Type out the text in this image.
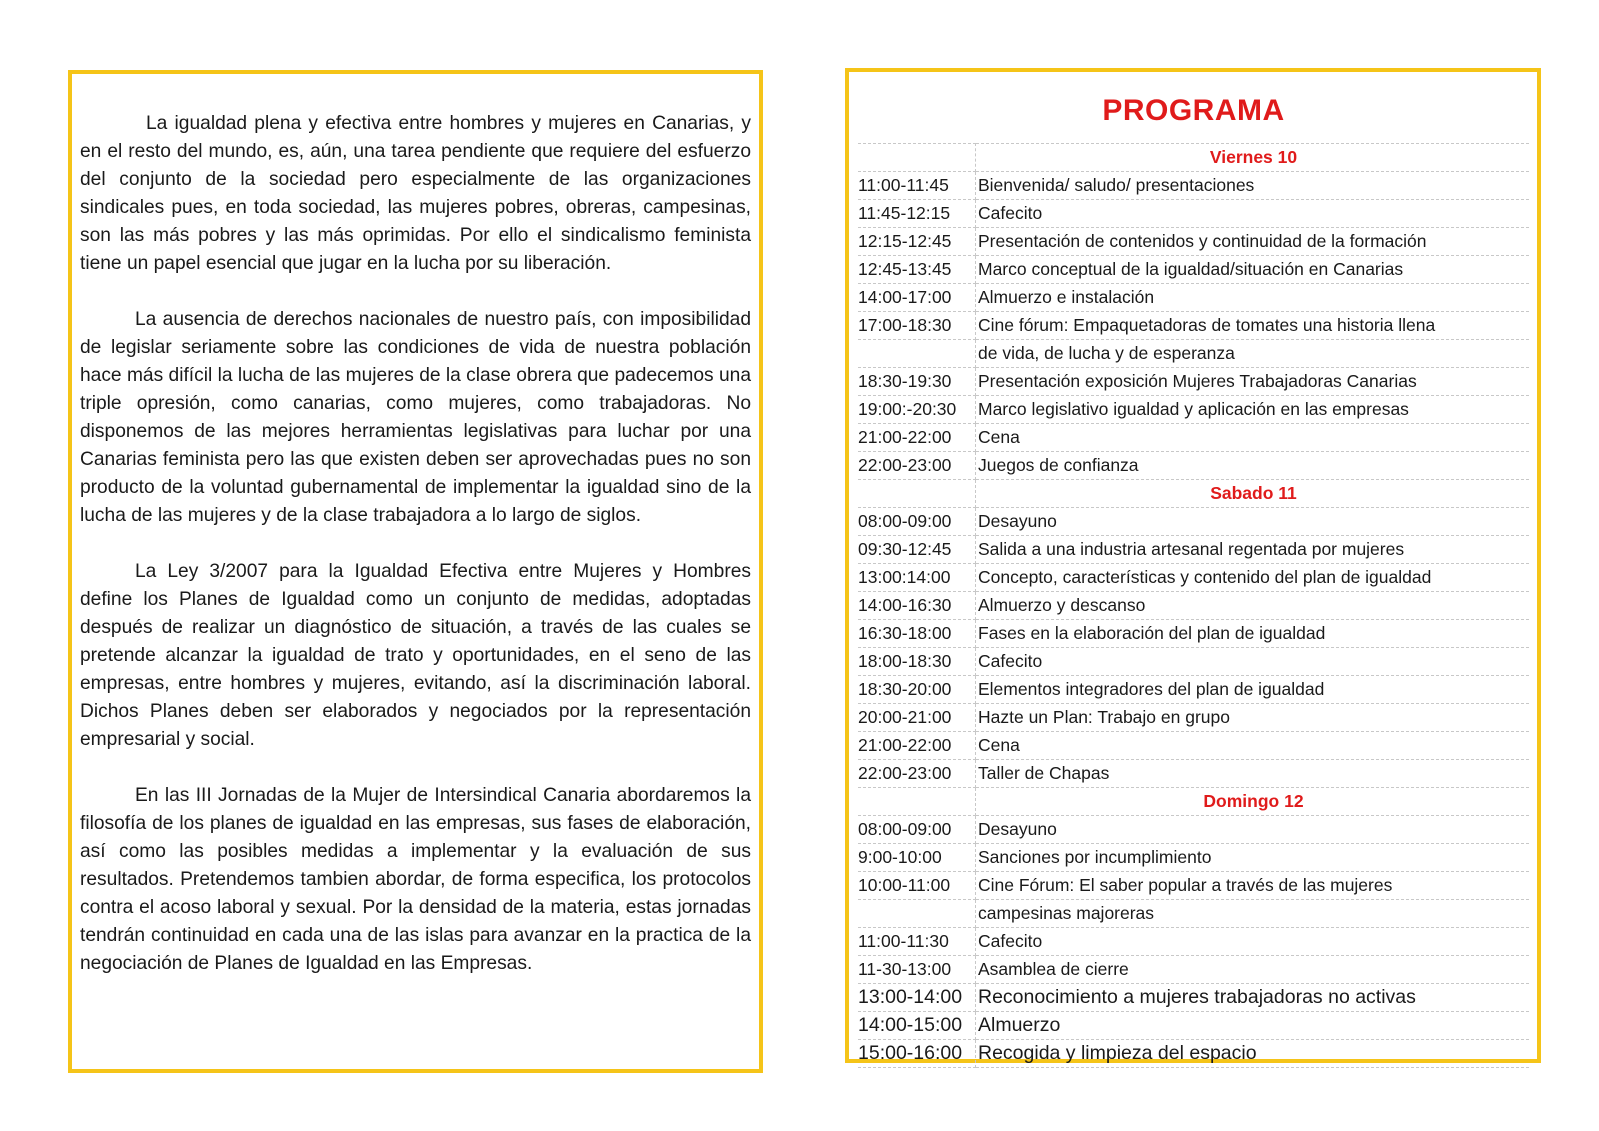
La igualdad plena y efectiva entre hombres y mujeres en Canarias, y en el resto del mundo, es, aún, una tarea pendiente que requiere del esfuerzo del conjunto de la sociedad pero especialmente de las organizaciones sindicales pues, en toda sociedad, las mujeres pobres, obreras, campesinas, son las más pobres y las más oprimidas. Por ello el sindicalismo feminista tiene un papel esencial que jugar en la lucha por su liberación.

La ausencia de derechos nacionales de nuestro país, con imposibilidad de legislar seriamente sobre las condiciones de vida de nuestra población hace más difícil la lucha de las mujeres de la clase obrera que padecemos una triple opresión, como canarias, como mujeres, como trabajadoras. No disponemos de las mejores herramientas legislativas para luchar por una Canarias feminista pero las que existen deben ser aprovechadas pues no son producto de la voluntad gubernamental de implementar la igualdad sino de la lucha de las mujeres y de la clase trabajadora a lo largo de siglos.

La Ley 3/2007 para la Igualdad Efectiva entre Mujeres y Hombres define los Planes de Igualdad como un conjunto de medidas, adoptadas después de realizar un diagnóstico de situación, a través de las cuales se pretende alcanzar la igualdad de trato y oportunidades, en el seno de las empresas, entre hombres y mujeres, evitando, así la discriminación laboral. Dichos Planes deben ser elaborados y negociados por la representación empresarial y social.

En las III Jornadas de la Mujer de Intersindical Canaria abordaremos la filosofía de los planes de igualdad en las empresas, sus fases de elaboración, así como las posibles medidas a implementar y la evaluación de sus resultados. Pretendemos tambien abordar, de forma especifica, los protocolos contra el acoso laboral y sexual. Por la densidad de la materia, estas jornadas tendrán continuidad en cada una de las islas para avanzar en la practica de la negociación de Planes de Igualdad en las Empresas.

PROGRAMA
	Viernes 10
11:00-11:45	Bienvenida/ saludo/ presentaciones
11:45-12:15	Cafecito
12:15-12:45	Presentación de contenidos y continuidad de la formación
12:45-13:45	Marco conceptual de la igualdad/situación en Canarias
14:00-17:00	Almuerzo e instalación
17:00-18:30	Cine fórum: Empaquetadoras de tomates una historia llena
	de vida, de lucha y de esperanza
18:30-19:30	Presentación exposición Mujeres Trabajadoras Canarias
19:00:-20:30	Marco legislativo igualdad y aplicación en las empresas
21:00-22:00	Cena
22:00-23:00	Juegos de confianza
	Sabado 11
08:00-09:00	Desayuno
09:30-12:45	Salida a una industria artesanal regentada por mujeres
13:00:14:00	Concepto, características y contenido del plan de igualdad
14:00-16:30	Almuerzo y descanso
16:30-18:00	Fases en la elaboración del plan de igualdad
18:00-18:30	Cafecito
18:30-20:00	Elementos integradores del plan de igualdad
20:00-21:00	Hazte un Plan: Trabajo en grupo
21:00-22:00	Cena
22:00-23:00	Taller de Chapas
	Domingo 12
08:00-09:00	Desayuno
9:00-10:00	Sanciones por incumplimiento
10:00-11:00	Cine Fórum: El saber popular a través de las mujeres
	campesinas majoreras
11:00-11:30	Cafecito
11-30-13:00	Asamblea de cierre
13:00-14:00	Reconocimiento a mujeres trabajadoras no activas
14:00-15:00	Almuerzo
15:00-16:00	Recogida y limpieza del espacio
